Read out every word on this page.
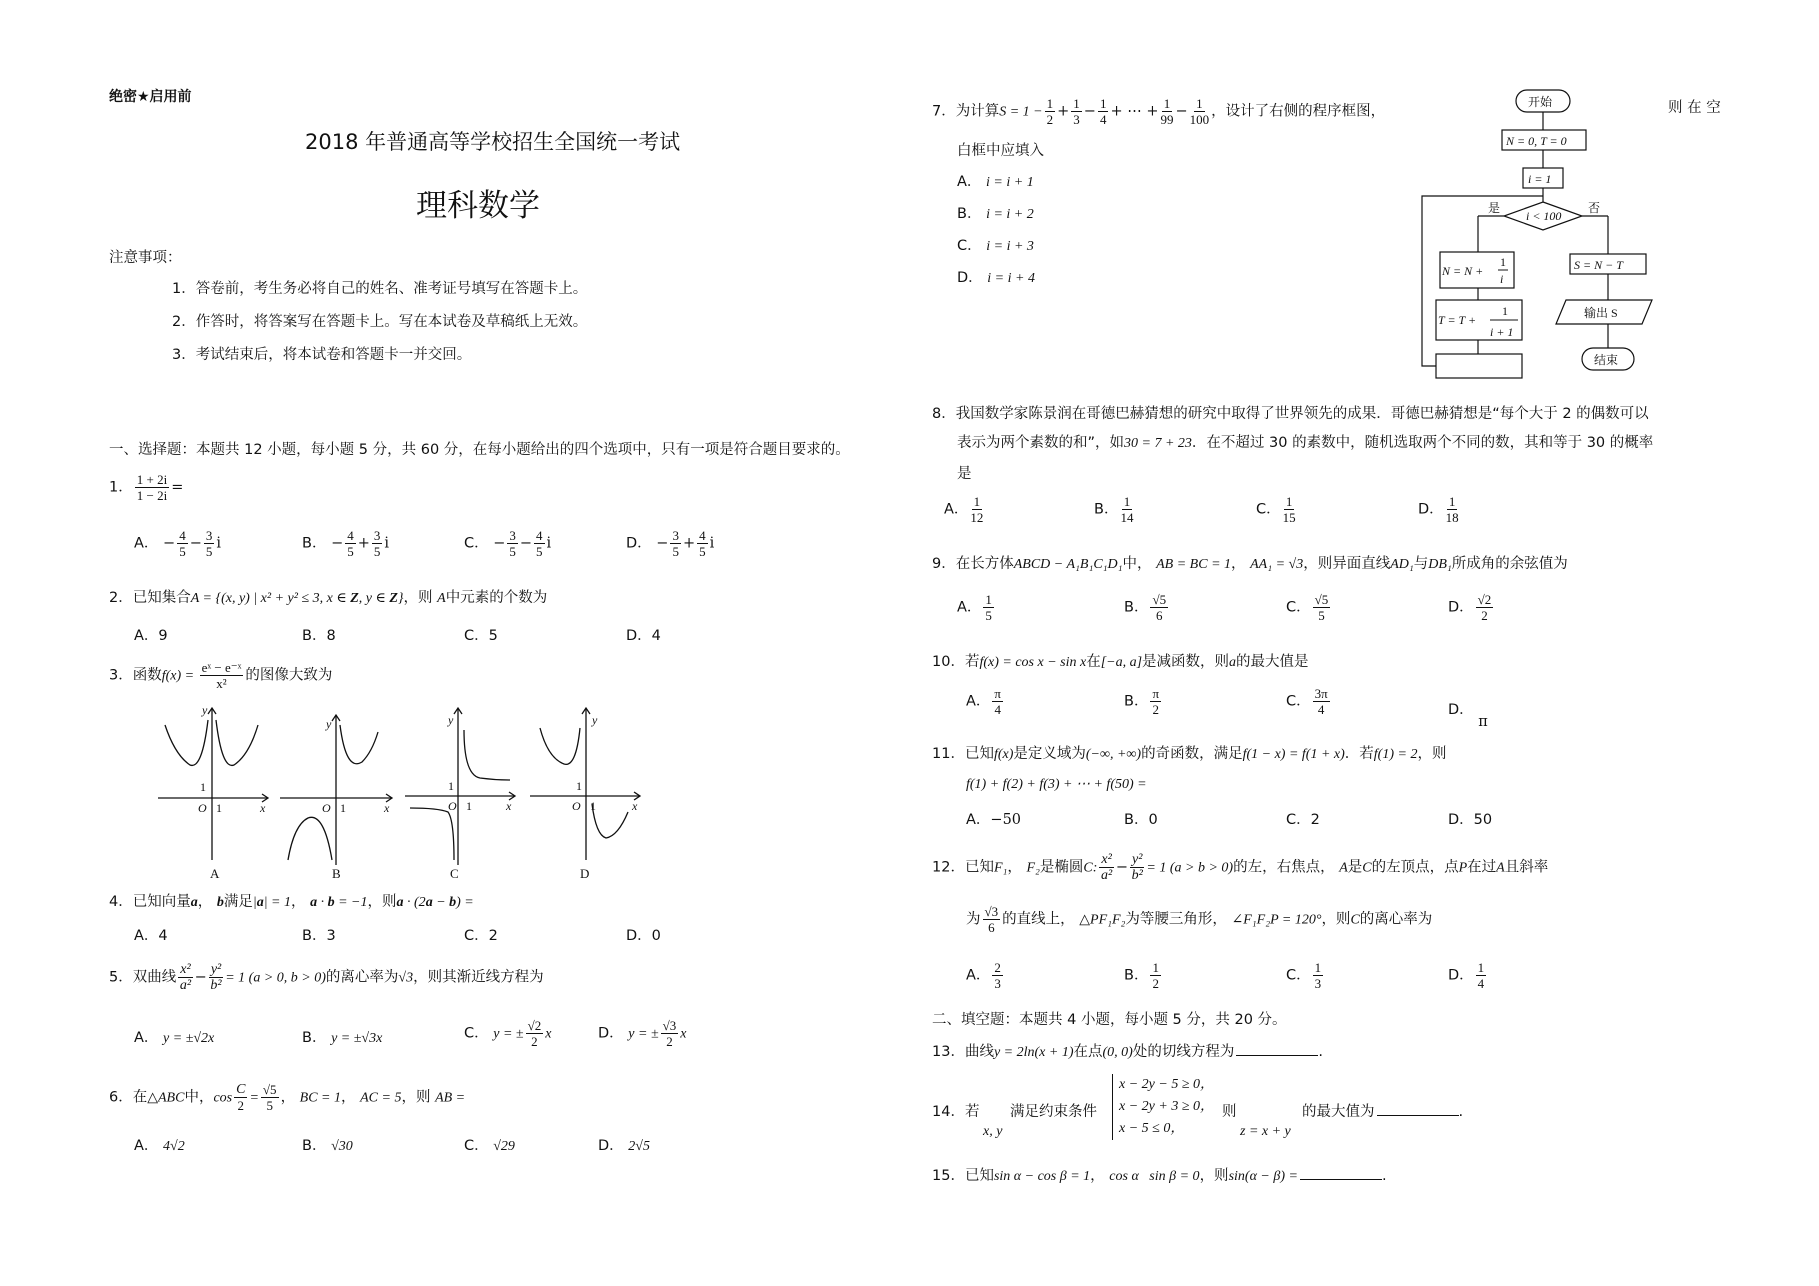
绝密★启用前
2018 年普通高等学校招生全国统一考试
理科数学
注意事项：
1．答卷前，考生务必将自己的姓名、准考证号填写在答题卡上。
2．作答时，将答案写在答题卡上。写在本试卷及草稿纸上无效。
3．考试结束后，将本试卷和答题卡一并交回。
一、选择题：本题共 12 小题，每小题 5 分，共 60 分，在每小题给出的四个选项中，只有一项是符合题目要求的。
1． $\frac{1 + 2i}{1 - 2i}$ =
A． − $\frac{4}{5} - \frac{3}{5}$ i	B． − $\frac{4}{5} + \frac{3}{5}$ i	C． − $\frac{3}{5} - \frac{4}{5}$ i	D． − $\frac{3}{5} + \frac{4}{5}$ i
2．已知集合A = {(x, y) | x² + y² ≤ 3, x ∈ Z, y ∈ Z}，则 A中元素的个数为
A．9	B．8	C．5	D．4
3．函数$f(x) = \frac{\text{eˣ − e⁻ˣ}}{\text{x²}}$ 的图像大致为
y
x
O 1
1
y
x
O 1
y
x
O 1
1
y
x
O 1
1
A	B	C	D
4．已知向量a， b满足|a| = 1， a · b = −1，则a · (2a − b) =
A．4	B．3	C．2	D．0
5．双曲线 $\frac{\text{x²}}{\text{a²}} - \frac{\text{y²}}{\text{b²}} = 1$ (a > 0, b > 0)的离心率为√3，则其渐近线方程为
A． y = ±√2x	B． y = ±√3x	C． y = ± $\frac{√2}{2}$ x	D． y = ± $\frac{√3}{2}$ x
6．在△ABC中，$\cos \frac{C}{2} = \frac{√5}{5}$ ， BC = 1， AC = 5，则 AB =
A． 4√2	B． √30	C． √29	D． 2√5
7．为计算$S = 1 - \frac{1}{2} + \frac{1}{3} - \frac{1}{4}$ + ⋯ + $\frac{1}{99} - \frac{1}{100}$ ，设计了右侧的程序框图，	则 在 空
白框中应填入
A． i = i + 1
B． i = i + 2
C． i = i + 3
D． i = i + 4
开始
N = 0, T = 0
i = 1
i < 100
是	否
N = N +
1
i
T = T +
1
i + 1
S = N − T
输出 S
结束
8．我国数学家陈景润在哥德巴赫猜想的研究中取得了世界领先的成果．哥德巴赫猜想是“每个大于 2 的偶数可以
表示为两个素数的和”，如30 = 7 + 23．在不超过 30 的素数中，随机选取两个不同的数，其和等于 30 的概率
是
A． $\frac{1}{12}$	B． $\frac{1}{14}$	C． $\frac{1}{15}$	D． $\frac{1}{18}$
9．在长方体ABCD − A₁B₁C₁D₁中， AB = BC = 1， AA₁ = √3，则异面直线AD₁与DB₁所成角的余弦值为
A． $\frac{1}{5}$	B． $\frac{√5}{6}$	C． $\frac{√5}{5}$	D． $\frac{√2}{2}$
10．若f(x) = cos x − sin x在[−a, a]是减函数，则a的最大值是
A． $\frac{\pi}{4}$	B． $\frac{\pi}{2}$	C． $\frac{3\pi}{4}$	D． π
11．已知f(x)是定义域为(−∞, +∞)的奇函数，满足f(1 − x) = f(1 + x)．若f(1) = 2，则
f(1) + f(2) + f(3) + ⋯ + f(50) =
A．−50	B．0	C．2	D．50
12．已知F₁， F₂是椭圆C: $\frac{\text{x²}}{\text{a²}} - \frac{\text{y²}}{\text{b²}} = 1$ (a > b > 0)的左，右焦点， A是C的左顶点，点P在过A且斜率
为 $\frac{√3}{6}$ 的直线上， △PF₁F₂为等腰三角形， ∠F₁F₂P = 120°，则C的离心率为
A． $\frac{2}{3}$	B． $\frac{1}{2}$	C． $\frac{1}{3}$	D． $\frac{1}{4}$
二、填空题：本题共 4 小题，每小题 5 分，共 20 分。
13．曲线y = 2ln(x + 1)在点(0, 0)处的切线方程为	.
14．若
x, y
满足约束条件
x − 2y − 5 ≥ 0，
x − 2y + 3 ≥ 0，
x − 5 ≤ 0，
则
z = x + y
的最大值为	.
15．已知sin α − cos β = 1， cos α   sin β = 0，则sin(α − β) =	.
